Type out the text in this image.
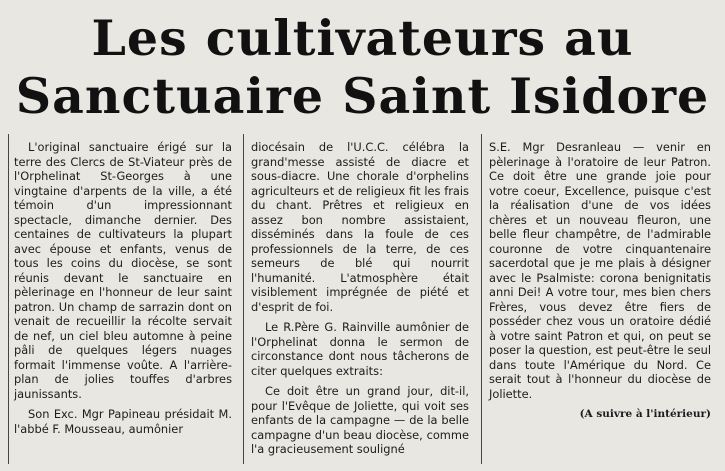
Les cultivateurs au
Sanctuaire Saint Isidore

L'original sanctuaire érigé sur la terre des Clercs de St-Viateur près de l'Orphelinat St-Georges à une vingtaine d'arpents de la ville, a été témoin d'un impressionnant spectacle, dimanche dernier. Des centaines de cultivateurs la plupart avec épouse et enfants, venus de tous les coins du diocèse, se sont réunis devant le sanctuaire en pèlerinage en l'honneur de leur saint patron. Un champ de sarrazin dont on venait de recueillir la récolte servait de nef, un ciel bleu automne à peine pâli de quelques légers nuages formait l'immense voûte. A l'arrière-plan de jolies touffes d'arbres jaunissants.

Son Exc. Mgr Papineau présidait M. l'abbé F. Mousseau, aumônier

diocésain de l'U.C.C. célébra la grand'messe assisté de diacre et sous-diacre. Une chorale d'orphelins agriculteurs et de religieux fit les frais du chant. Prêtres et religieux en assez bon nombre assistaient, disséminés dans la foule de ces professionnels de la terre, de ces semeurs de blé qui nourrit l'humanité. L'atmosphère était visiblement imprégnée de piété et d'esprit de foi.

Le R.Père G. Rainville aumônier de l'Orphelinat donna le sermon de circonstance dont nous tâcherons de citer quelques extraits:

Ce doit être un grand jour, dit-il, pour l'Evêque de Joliette, qui voit ses enfants de la campagne — de la belle campagne d'un beau diocèse, comme l'a gracieusement souligné

S.E. Mgr Desranleau — venir en pèlerinage à l'oratoire de leur Patron. Ce doit être une grande joie pour votre coeur, Excellence, puisque c'est la réalisation d'une de vos idées chères et un nouveau fleuron, une belle fleur champêtre, de l'admirable couronne de votre cinquantenaire sacerdotal que je me plais à désigner avec le Psalmiste: corona benignitatis anni Dei! A votre tour, mes bien chers Frères, vous devez être fiers de posséder chez vous un oratoire dédié à votre saint Patron et qui, on peut se poser la question, est peut-être le seul dans toute l'Amérique du Nord. Ce serait tout à l'honneur du diocèse de Joliette.

(A suivre à l'intérieur)
